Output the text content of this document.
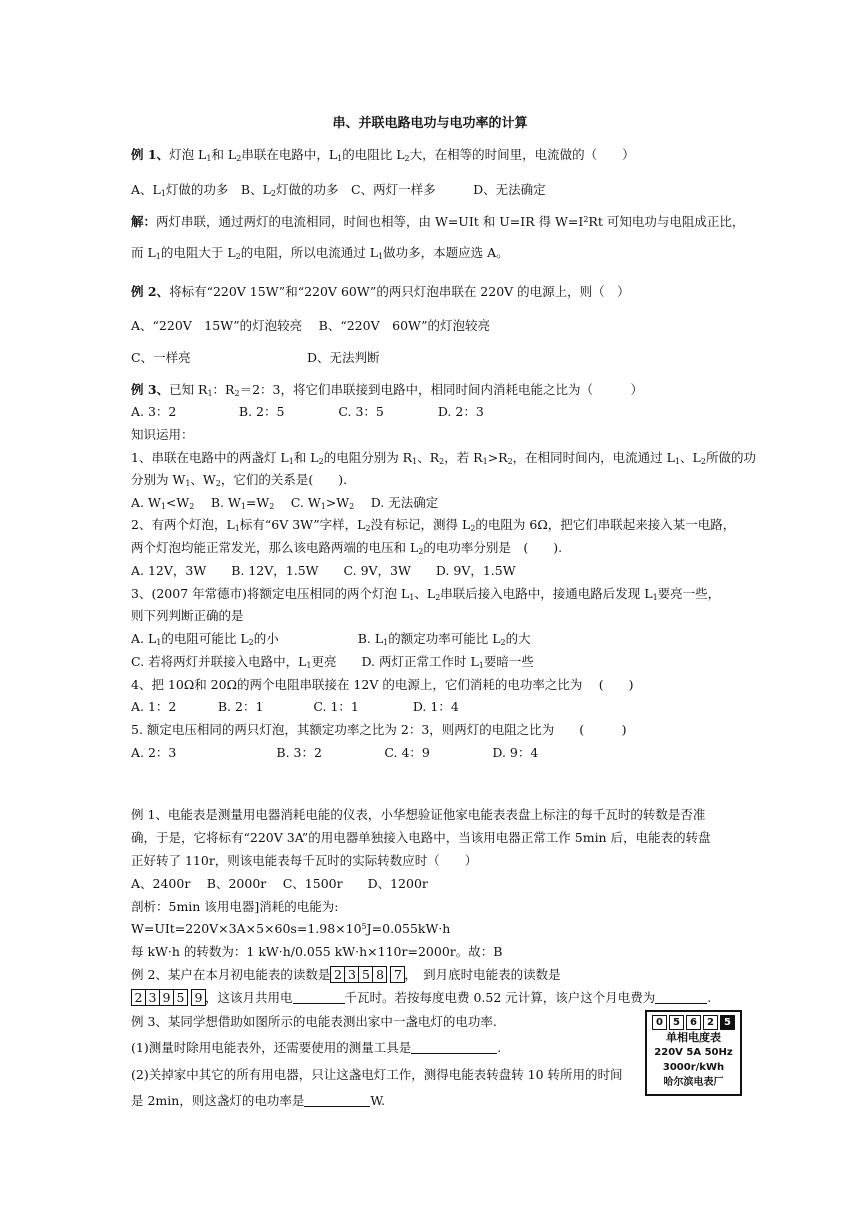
串、并联电路电功与电功率的计算
例 1、灯泡 $L_1$和 $L_2$串联在电路中，$L_1$的电阻比 $L_2$大，在相等的时间里，电流做的（　　）
A、$L_1$灯做的功多　B、$L_2$灯做的功多　C、两灯一样多　　　D、无法确定
解：两灯串联，通过两灯的电流相同，时间也相等，由 W=UIt 和 U=IR 得 $W=I^2Rt$ 可知电功与电阻成正比，
而 $L_1$的电阻大于 $L_2$的电阻，所以电流通过 $L_1$做功多，本题应选 A。
例 2、将标有“220V 15W”和“220V 60W”的两只灯泡串联在 220V 的电源上，则（　）
A、“220V　15W”的灯泡较亮　 B、“220V　60W”的灯泡较亮
C、一样亮　　　　　　　　　 D、无法判断
例 3、已知 $R_1$：$R_2=2$：3，将它们串联接到电路中，相同时间内消耗电能之比为（　　　）
A. 3：2　　　　　B. 2：5　　　　 C. 3：5　　　　 D. 2：3
知识运用：
1、串联在电路中的两盏灯 $L_1$和 $L_2$的电阻分别为 $R_1$、$R_2$，若 $R_1>R_2$，在相同时间内，电流通过 $L_1$、$L_2$所做的功
分别为 $W_1$、$W_2$，它们的关系是(　　).
A. $W_1<W_2$　 B. $W_1=W_2$　 C. $W_1>W_2$　 D. 无法确定
2、有两个灯泡，$L_1$标有“6V 3W”字样，$L_2$没有标记，测得 $L_2$的电阻为 6Ω，把它们串联起来接入某一电路，
两个灯泡均能正常发光，那么该电路两端的电压和 $L_2$的电功率分别是　(　　).
A. 12V，3W　　B. 12V，1.5W　　C. 9V，3W　　D. 9V，1.5W
3、(2007 年常德市)将额定电压相同的两个灯泡 $L_1$、$L_2$串联后接入电路中，接通电路后发现 $L_1$要亮一些，
则下列判断正确的是
A. $L_1$的电阻可能比 $L_2$的小　　　　　　 B. $L_1$的额定功率可能比 $L_2$的大
C. 若将两灯并联接入电路中，$L_1$更亮　　D. 两灯正常工作时 $L_1$要暗一些
4、把 10Ω和 20Ω的两个电阻串联接在 12V 的电源上，它们消耗的电功率之比为　 (　　)
A. 1：2　　　 B. 2：1　　　　C. 1：1　　　　 D. 1：4
5. 额定电压相同的两只灯泡，其额定功率之比为 2：3，则两灯的电阻之比为　　(　　　)
A. 2：3　　　　　　　　B. 3：2　　　　　C. 4：9　　　　　D. 9：4
例 1、电能表是测量用电器消耗电能的仪表，小华想验证他家电能表表盘上标注的每千瓦时的转数是否准
确，于是，它将标有“220V 3A”的用电器单独接入电路中，当该用电器正常工作 5min 后，电能表的转盘
正好转了 110r，则该电能表每千瓦时的实际转数应时（　　）
A、2400r　 B、2000r　 C、1500r　　D、1200r
剖析：5min 该用电器]消耗的电能为:
$W=UIt=220V\times 3A\times 5\times 60s=1.98\times 10^5J=0.055kW\cdot h$
每 kW·h 的转数为：1 kW·h/0.055 kW·h×110r=2000r。故：B
例 2、某户在本月初电能表的读数是 2 3 5 8 7 ，　到月底时电能表的读数是
2 3 9 5 9 ，这该月共用电	千瓦时。若按每度电费 0.52 元计算，该户这个月电费为	.
例 3、某同学想借助如图所示的电能表测出家中一盏电灯的电功率.
(1)测量时除用电能表外，还需要使用的测量工具是	.
(2)关掉家中其它的所有用电器，只让这盏电灯工作，测得电能表转盘转 10 转所用的时间
是 2min，则这盏灯的电功率是	W.
0	5	6	2	5
单相电度表
220V 5A 50Hz
3000r/kWh
哈尔滨电表厂
